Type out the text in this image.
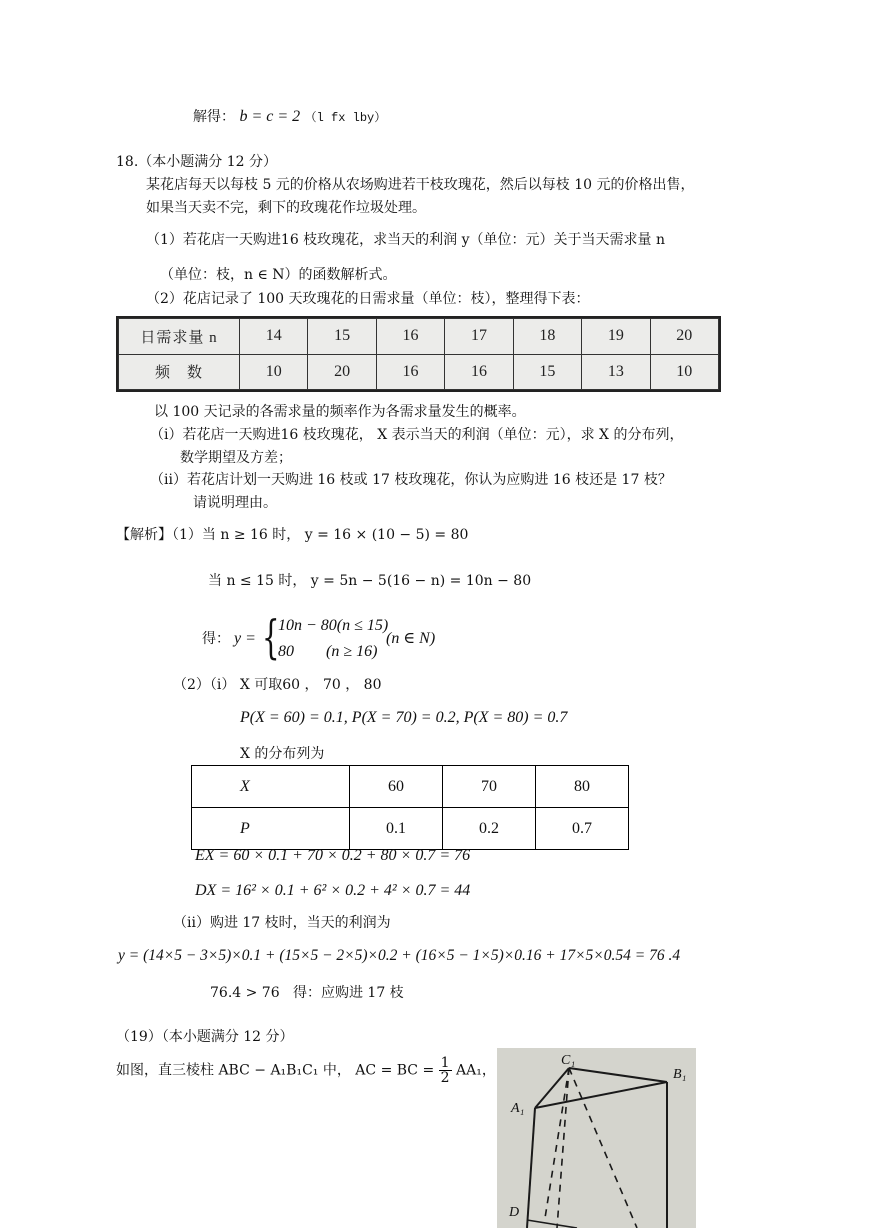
解得： b = c = 2 （l fx lby）
18.（本小题满分 12 分）
某花店每天以每枝 5 元的价格从农场购进若干枝玫瑰花，然后以每枝 10 元的价格出售，
如果当天卖不完，剩下的玫瑰花作垃圾处理。
（1）若花店一天购进16 枝玫瑰花，求当天的利润 y（单位：元）关于当天需求量 n
（单位：枝，n ∈ N）的函数解析式。
（2）花店记录了 100 天玫瑰花的日需求量（单位：枝），整理得下表：
日需求量 n	14	15	16	17	18	19	20
频　数	10	20	16	16	15	13	10
以 100 天记录的各需求量的频率作为各需求量发生的概率。
（i）若花店一天购进16 枝玫瑰花， X 表示当天的利润（单位：元），求 X 的分布列，
数学期望及方差；
（ii）若花店计划一天购进 16 枝或 17 枝玫瑰花，你认为应购进 16 枝还是 17 枝？
请说明理由。
【解析】（1）当 n ≥ 16 时， y = 16 × (10 − 5) = 80
当 n ≤ 15 时， y = 5n − 5(16 − n) = 10n − 80
得： y = {
10n − 80(n ≤ 15)
80        (n ≥ 16)
(n ∈ N)
（2）（i） X 可取60 ， 70 ， 80
P(X = 60) = 0.1, P(X = 70) = 0.2, P(X = 80) = 0.7
X 的分布列为
X	60	70	80
P	0.1	0.2	0.7
EX = 60 × 0.1 + 70 × 0.2 + 80 × 0.7 = 76
DX = 16² × 0.1 + 6² × 0.2 + 4² × 0.7 = 44
（ii）购进 17 枝时，当天的利润为
y = (14×5 − 3×5)×0.1 + (15×5 − 2×5)×0.2 + (16×5 − 1×5)×0.16 + 17×5×0.54 = 76 .4
76.4 > 76   得：应购进 17 枝
（19）（本小题满分 12 分）
如图，直三棱柱 ABC − A₁B₁C₁ 中， AC = BC = $\frac{1}{2} AA_1$，
C₁
B₁
A₁
D
